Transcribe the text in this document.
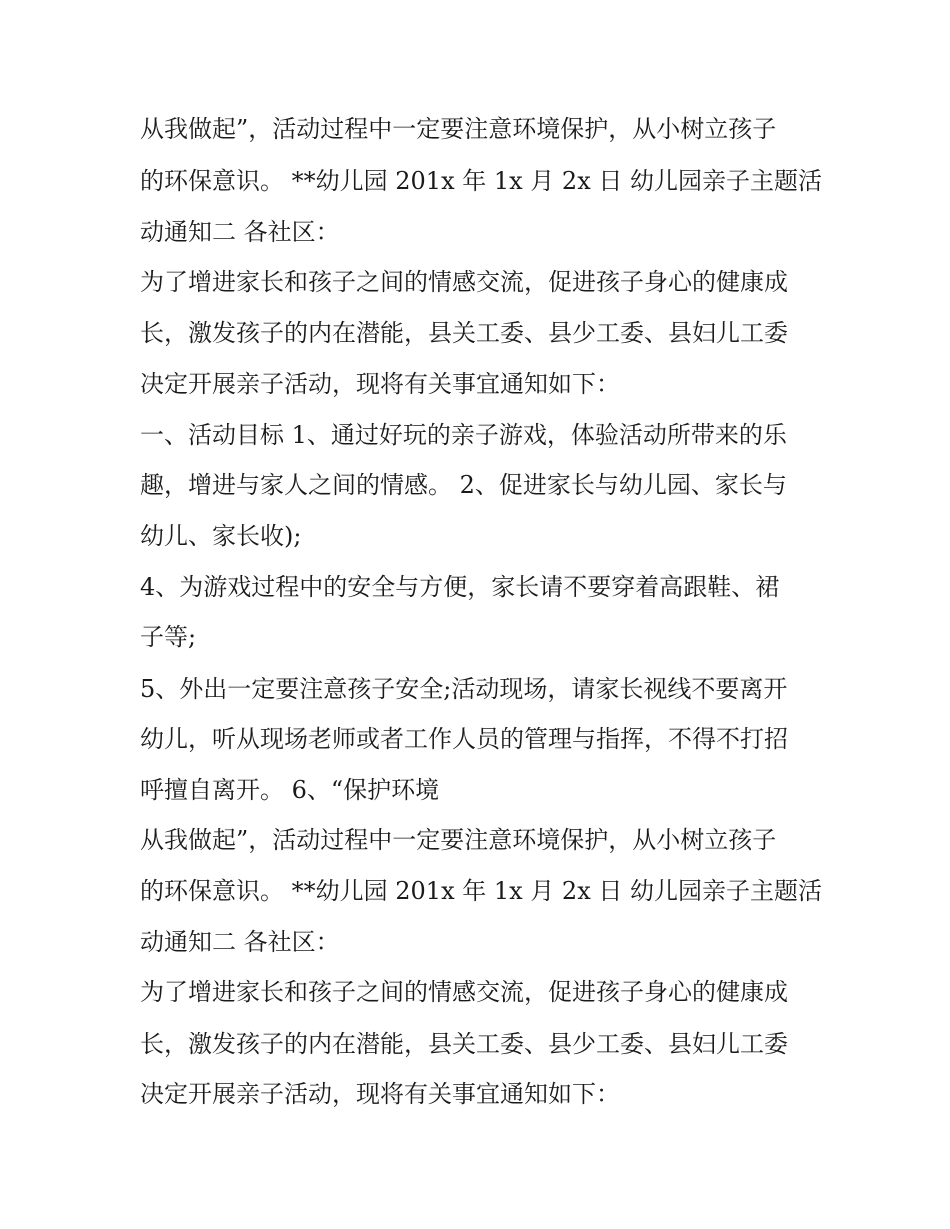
从我做起”，活动过程中一定要注意环境保护，从小树立孩子
的环保意识。 **幼儿园 201x 年 1x 月 2x 日 幼儿园亲子主题活
动通知二 各社区：
为了增进家长和孩子之间的情感交流，促进孩子身心的健康成
长，激发孩子的内在潜能，县关工委、县少工委、县妇儿工委
决定开展亲子活动，现将有关事宜通知如下：
一、活动目标 1、通过好玩的亲子游戏，体验活动所带来的乐
趣，增进与家人之间的情感。 2、促进家长与幼儿园、家长与
幼儿、家长收);
4、为游戏过程中的安全与方便，家长请不要穿着高跟鞋、裙
子等;
5、外出一定要注意孩子安全;活动现场，请家长视线不要离开
幼儿，听从现场老师或者工作人员的管理与指挥，不得不打招
呼擅自离开。 6、“保护环境
从我做起”，活动过程中一定要注意环境保护，从小树立孩子
的环保意识。 **幼儿园 201x 年 1x 月 2x 日 幼儿园亲子主题活
动通知二 各社区：
为了增进家长和孩子之间的情感交流，促进孩子身心的健康成
长，激发孩子的内在潜能，县关工委、县少工委、县妇儿工委
决定开展亲子活动，现将有关事宜通知如下：
